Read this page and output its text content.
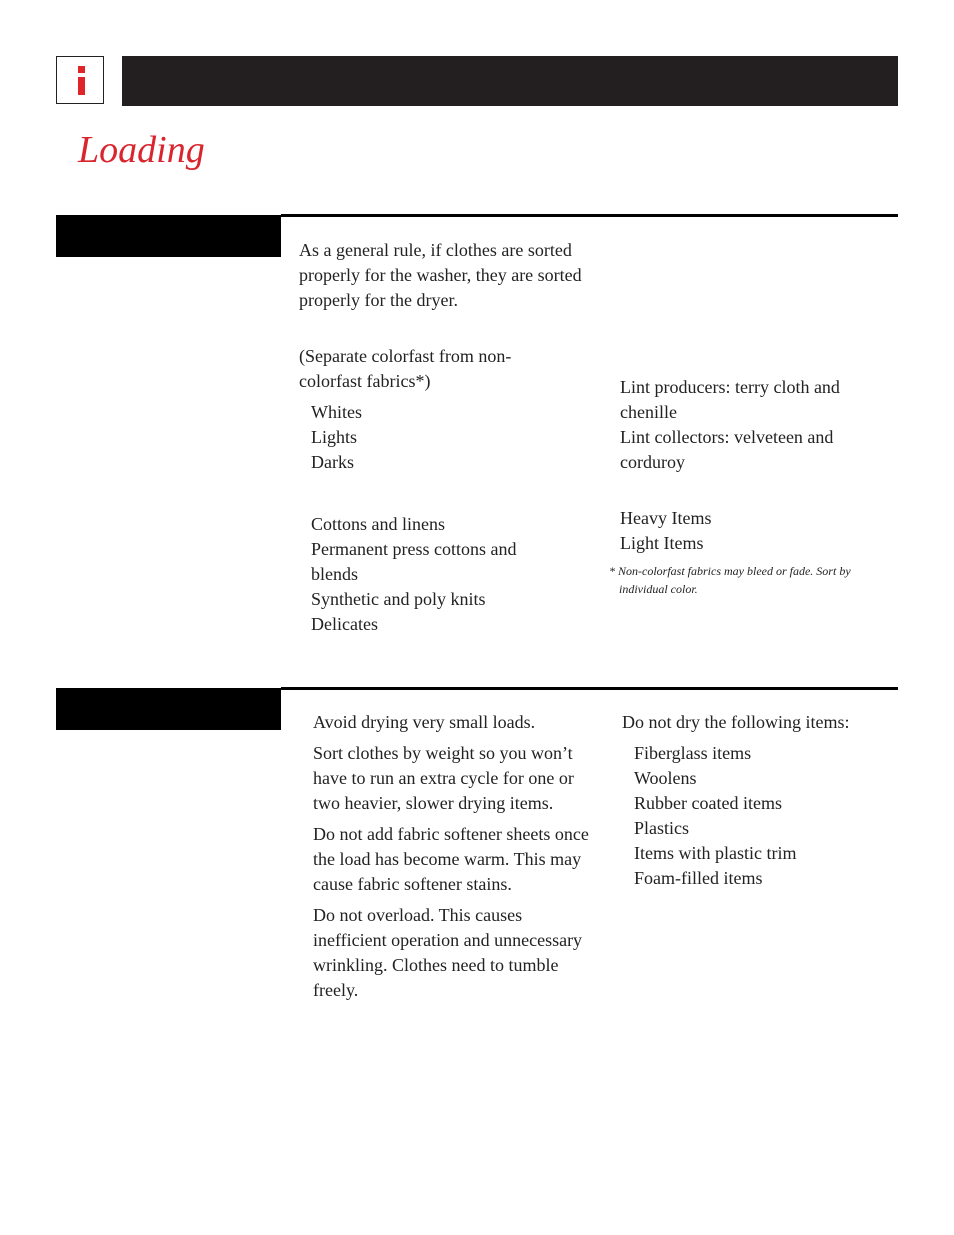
Loading

As a general rule, if clothes are sorted properly for the washer, they are sorted properly for the dryer.

(Separate colorfast from non-colorfast fabrics*)

Whites
Lights
Darks
Cottons and linens
Permanent press cottons and blends
Synthetic and poly knits
Delicates
Lint producers: terry cloth and chenille
Lint collectors: velveteen and corduroy
Heavy Items
Light Items

* Non-colorfast fabrics may bleed or fade. Sort by individual color.

Avoid drying very small loads.

Sort clothes by weight so you won’t have to run an extra cycle for one or two heavier, slower drying items.

Do not add fabric softener sheets once the load has become warm. This may cause fabric softener stains.

Do not overload. This causes inefficient operation and unnecessary wrinkling. Clothes need to tumble freely.

Do not dry the following items:

Fiberglass items
Woolens
Rubber coated items
Plastics
Items with plastic trim
Foam-filled items
